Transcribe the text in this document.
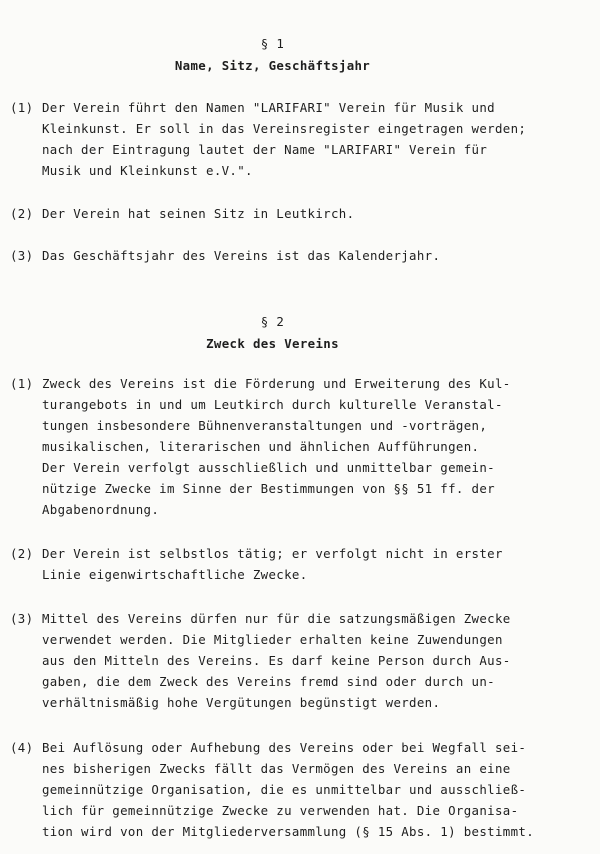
§ 1
Name, Sitz, Geschäftsjahr
(1) Der Verein führt den Namen "LARIFARI" Verein für Musik und
Kleinkunst. Er soll in das Vereinsregister eingetragen werden;
nach der Eintragung lautet der Name "LARIFARI" Verein für
Musik und Kleinkunst e.V.".
(2) Der Verein hat seinen Sitz in Leutkirch.
(3) Das Geschäftsjahr des Vereins ist das Kalenderjahr.
§ 2
Zweck des Vereins
(1) Zweck des Vereins ist die Förderung und Erweiterung des Kul-
turangebots in und um Leutkirch durch kulturelle Veranstal-
tungen insbesondere Bühnenveranstaltungen und -vorträgen,
musikalischen, literarischen und ähnlichen Aufführungen.
Der Verein verfolgt ausschließlich und unmittelbar gemein-
nützige Zwecke im Sinne der Bestimmungen von §§ 51 ff. der
Abgabenordnung.
(2) Der Verein ist selbstlos tätig; er verfolgt nicht in erster
Linie eigenwirtschaftliche Zwecke.
(3) Mittel des Vereins dürfen nur für die satzungsmäßigen Zwecke
verwendet werden. Die Mitglieder erhalten keine Zuwendungen
aus den Mitteln des Vereins. Es darf keine Person durch Aus-
gaben, die dem Zweck des Vereins fremd sind oder durch un-
verhältnismäßig hohe Vergütungen begünstigt werden.
(4) Bei Auflösung oder Aufhebung des Vereins oder bei Wegfall sei-
nes bisherigen Zwecks fällt das Vermögen des Vereins an eine
gemeinnützige Organisation, die es unmittelbar und ausschließ-
lich für gemeinnützige Zwecke zu verwenden hat. Die Organisa-
tion wird von der Mitgliederversammlung (§ 15 Abs. 1) bestimmt.
